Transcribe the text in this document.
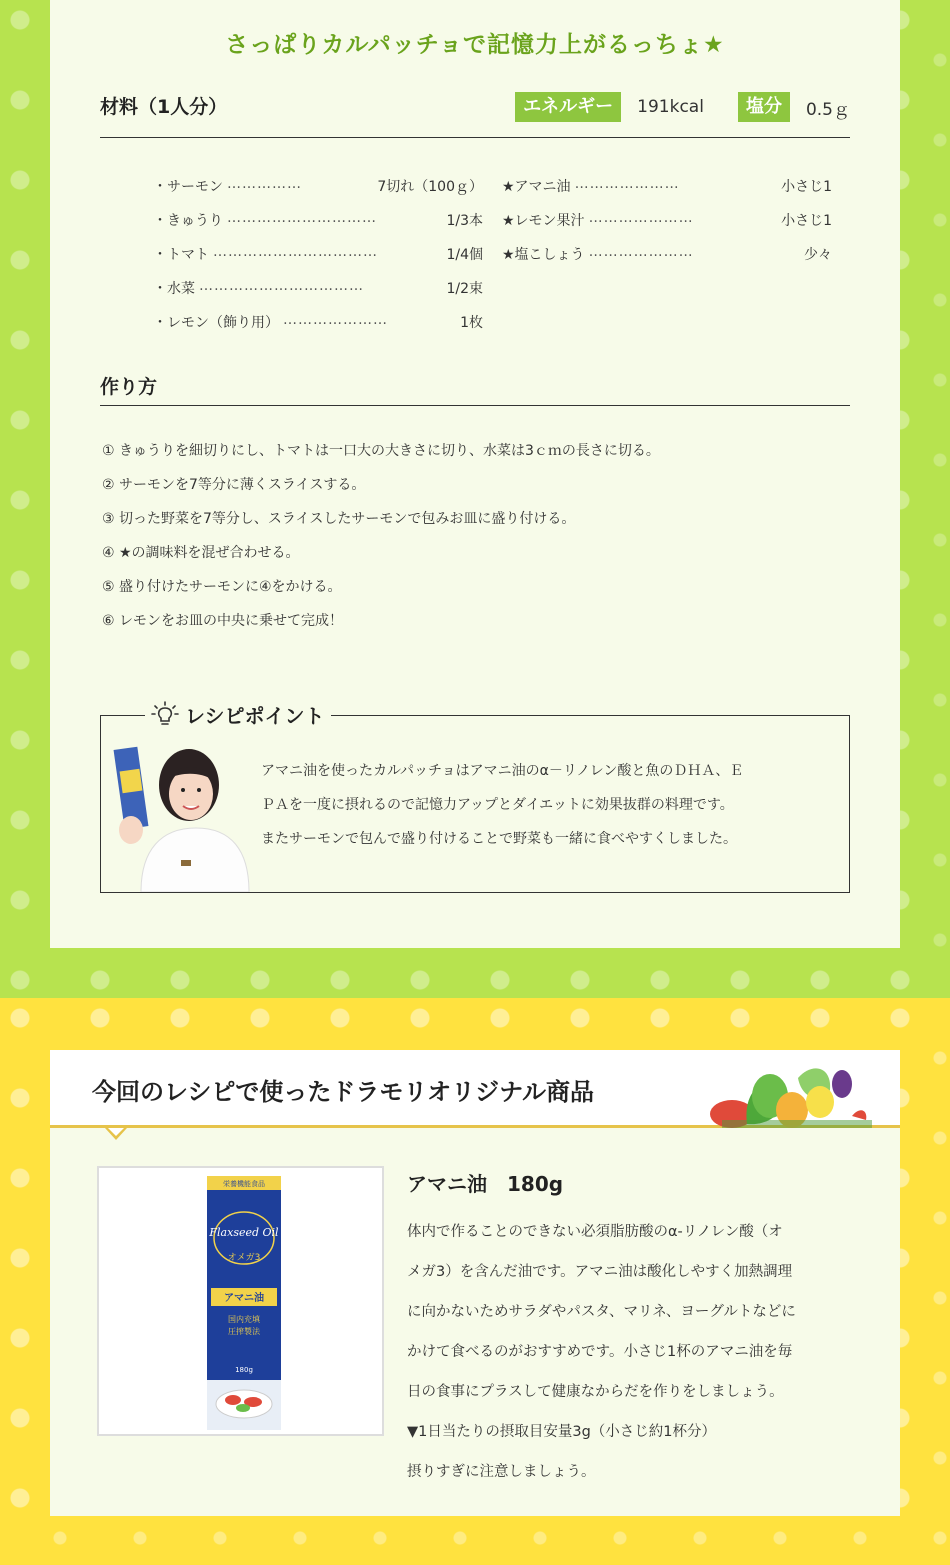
さっぱりカルパッチョで記憶力上がるっちょ★
材料（1人分）	エネルギー	191kcal	塩分	0.5ｇ
・サーモン ……………	7切れ（100ｇ）
・きゅうり …………………………	1/3本
・トマト ……………………………	1/4個
・水菜 ……………………………	1/2束
・レモン（飾り用） …………………	1枚
★アマニ油 …………………	小さじ1
★レモン果汁 …………………	小さじ1
★塩こしょう …………………	少々
作り方
① きゅうりを細切りにし、トマトは一口大の大きさに切り、水菜は3ｃｍの長さに切る。
② サーモンを7等分に薄くスライスする。
③ 切った野菜を7等分し、スライスしたサーモンで包みお皿に盛り付ける。
④ ★の調味料を混ぜ合わせる。
⑤ 盛り付けたサーモンに④をかける。
⑥ レモンをお皿の中央に乗せて完成！
レシピポイント
アマニ油を使ったカルパッチョはアマニ油のα－リノレン酸と魚のＤＨＡ、Ｅ
ＰＡを一度に摂れるので記憶力アップとダイエットに効果抜群の料理です。
またサーモンで包んで盛り付けることで野菜も一緒に食べやすくしました。
今回のレシピで使ったドラモリオリジナル商品
栄養機能食品
Flaxseed Oil
オメガ3
アマニ油
国内充填
圧搾製法
180g
アマニ油　180g
体内で作ることのできない必須脂肪酸のα-リノレン酸（オ
メガ3）を含んだ油です。アマニ油は酸化しやすく加熱調理
に向かないためサラダやパスタ、マリネ、ヨーグルトなどに
かけて食べるのがおすすめです。小さじ1杯のアマニ油を毎
日の食事にプラスして健康なからだを作りをしましょう。
▼1日当たりの摂取目安量3g（小さじ約1杯分）
摂りすぎに注意しましょう。
